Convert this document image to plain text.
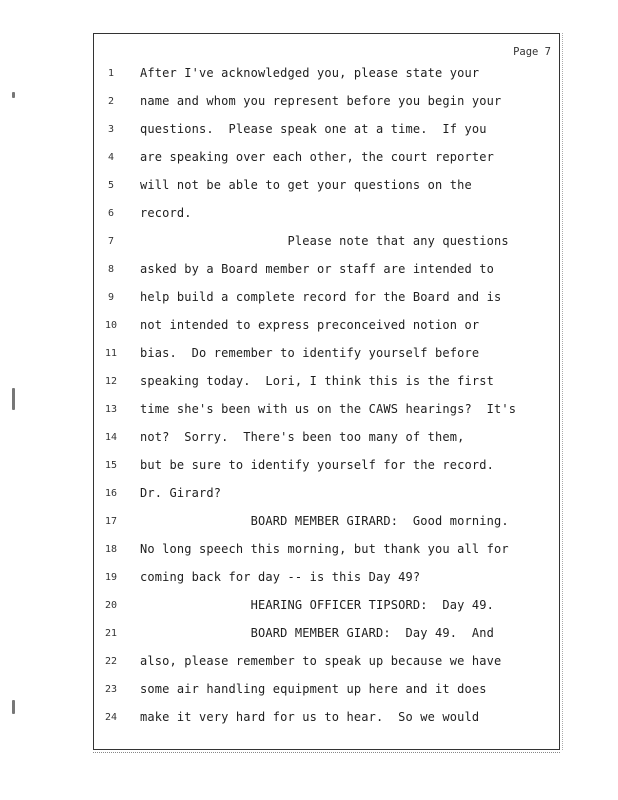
Page 7
1	After I've acknowledged you, please state your
2	name and whom you represent before you begin your
3	questions.  Please speak one at a time.  If you
4	are speaking over each other, the court reporter
5	will not be able to get your questions on the
6	record.
7	Please note that any questions
8	asked by a Board member or staff are intended to
9	help build a complete record for the Board and is
10	not intended to express preconceived notion or
11	bias.  Do remember to identify yourself before
12	speaking today.  Lori, I think this is the first
13	time she's been with us on the CAWS hearings?  It's
14	not?  Sorry.  There's been too many of them,
15	but be sure to identify yourself for the record.
16	Dr. Girard?
17	BOARD MEMBER GIRARD:  Good morning.
18	No long speech this morning, but thank you all for
19	coming back for day -- is this Day 49?
20	HEARING OFFICER TIPSORD:  Day 49.
21	BOARD MEMBER GIARD:  Day 49.  And
22	also, please remember to speak up because we have
23	some air handling equipment up here and it does
24	make it very hard for us to hear.  So we would
